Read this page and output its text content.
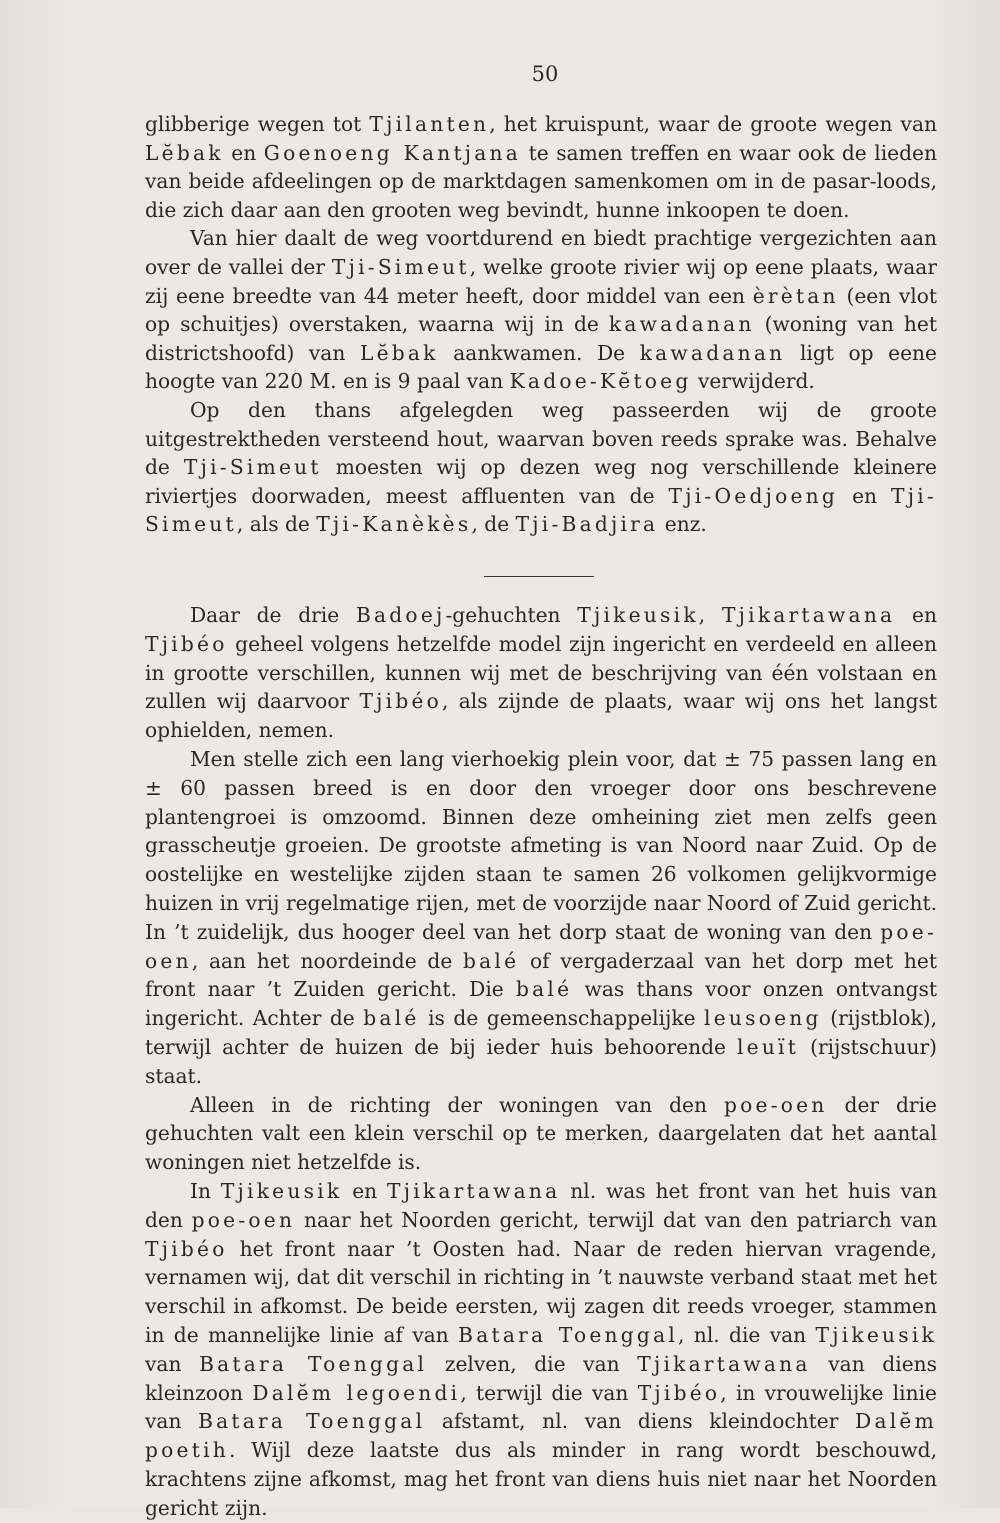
50

glibberige wegen tot Tjilanten, het kruispunt, waar de groote wegen van Lĕbak en Goenoeng Kantjana te samen treffen en waar ook de lieden van beide afdeelingen op de marktdagen samenkomen om in de pasar-loods, die zich daar aan den grooten weg bevindt, hunne inkoopen te doen.

Van hier daalt de weg voortdurend en biedt prachtige vergezichten aan over de vallei der Tji-Simeut, welke groote rivier wij op eene plaats, waar zij eene breedte van 44 meter heeft, door middel van een èrètan (een vlot op schuitjes) overstaken, waarna wij in de kawadanan (woning van het districtshoofd) van Lĕbak aankwamen. De kawadanan ligt op eene hoogte van 220 M. en is 9 paal van Kadoe-Kĕtoeg verwijderd.

Op den thans afgelegden weg passeerden wij de groote uitgestrektheden versteend hout, waarvan boven reeds sprake was. Behalve de Tji-Simeut moesten wij op dezen weg nog verschillende kleinere riviertjes doorwaden, meest affluenten van de Tji-Oedjoeng en Tji-Simeut, als de Tji-Kanèkès, de Tji-Badjira enz.

Daar de drie Badoej-gehuchten Tjikeusik, Tjikartawana en Tjibéo geheel volgens hetzelfde model zijn ingericht en verdeeld en alleen in grootte verschillen, kunnen wij met de beschrijving van één volstaan en zullen wij daarvoor Tjibéo, als zijnde de plaats, waar wij ons het langst ophielden, nemen.

Men stelle zich een lang vierhoekig plein voor, dat ± 75 passen lang en ± 60 passen breed is en door den vroeger door ons beschrevene plantengroei is omzoomd. Binnen deze omheining ziet men zelfs geen grasscheutje groeien. De grootste afmeting is van Noord naar Zuid. Op de oostelijke en westelijke zijden staan te samen 26 volkomen gelijkvormige huizen in vrij regelmatige rijen, met de voorzijde naar Noord of Zuid gericht. In ’t zuidelijk, dus hooger deel van het dorp staat de woning van den poe-oen, aan het noordeinde de balé of vergaderzaal van het dorp met het front naar ’t Zuiden gericht. Die balé was thans voor onzen ontvangst ingericht. Achter de balé is de gemeenschappelijke leusoeng (rijstblok), terwijl achter de huizen de bij ieder huis behoorende leuït (rijstschuur) staat.

Alleen in de richting der woningen van den poe-oen der drie gehuchten valt een klein verschil op te merken, daargelaten dat het aantal woningen niet hetzelfde is.

In Tjikeusik en Tjikartawana nl. was het front van het huis van den poe-oen naar het Noorden gericht, terwijl dat van den patriarch van Tjibéo het front naar ’t Oosten had. Naar de reden hiervan vragende, vernamen wij, dat dit verschil in richting in ’t nauwste verband staat met het verschil in afkomst. De beide eersten, wij zagen dit reeds vroeger, stammen in de mannelijke linie af van Batara Toenggal, nl. die van Tjikeusik van Batara Toenggal zelven, die van Tjikartawana van diens kleinzoon Dalĕm legoendi, terwijl die van Tjibéo, in vrouwelijke linie van Batara Toenggal afstamt, nl. van diens kleindochter Dalĕm poetih. Wijl deze laatste dus als minder in rang wordt beschouwd, krachtens zijne afkomst, mag het front van diens huis niet naar het Noorden gericht zijn.
